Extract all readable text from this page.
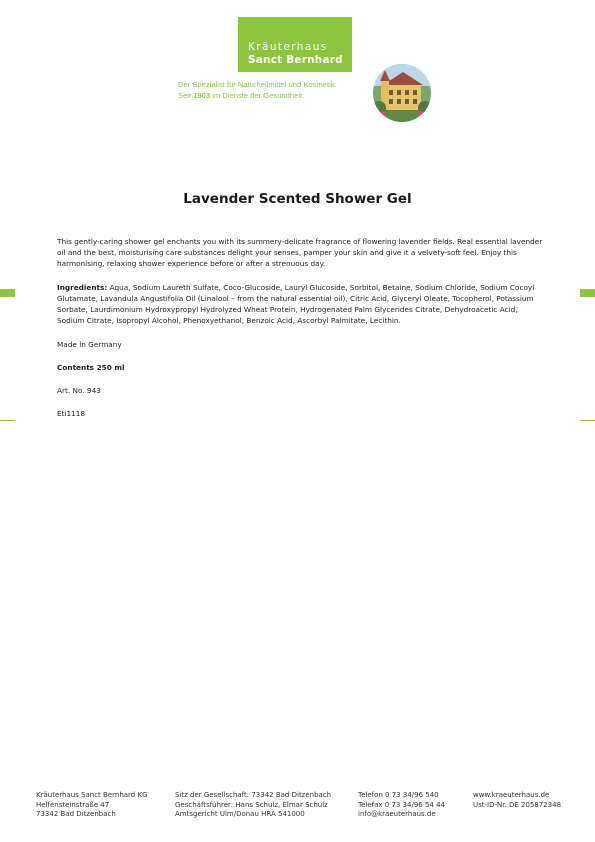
Kräuterhaus
Sanct Bernhard
Der Spezialist für Naturheilmittel und Kosmetik.
Seit 1903 im Dienste der Gesundheit.
Lavender Scented Shower Gel
This gently-caring shower gel enchants you with its summery-delicate fragrance of flowering lavender fields. Real essential lavender oil and the best, moisturising care substances delight your senses, pamper your skin and give it a velvety-soft feel. Enjoy this harmonising, relaxing shower experience before or after a strenuous day.
Ingredients: Aqua, Sodium Laureth Sulfate, Coco-Glucoside, Lauryl Glucoside, Sorbitol, Betaine, Sodium Chloride, Sodium Cocoyl Glutamate, Lavandula Angustifolia Oil (Linalool – from the natural essential oil), Citric Acid, Glyceryl Oleate, Tocopherol, Potassium Sorbate, Laurdimonium Hydroxypropyl Hydrolyzed Wheat Protein, Hydrogenated Palm Glycerides Citrate, Dehydroacetic Acid, Sodium Citrate, Isopropyl Alcohol, Phenoxyethanol, Benzoic Acid, Ascorbyl Palmitate, Lecithin.
Made in Germany
Contents 250 ml
Art. No. 943
Eti1118
Kräuterhaus Sanct Bernhard KG
Helfensteinstraße 47
73342 Bad Ditzenbach
Sitz der Gesellschaft: 73342 Bad Ditzenbach
Geschäftsführer: Hans Schulz, Elmar Schulz
Amtsgericht Ulm/Donau HRA 541000
Telefon 0 73 34/96 540
Telefax 0 73 34/96 54 44
info@kraeuterhaus.de
www.kraeuterhaus.de
Ust-ID-Nr. DE 205872348
